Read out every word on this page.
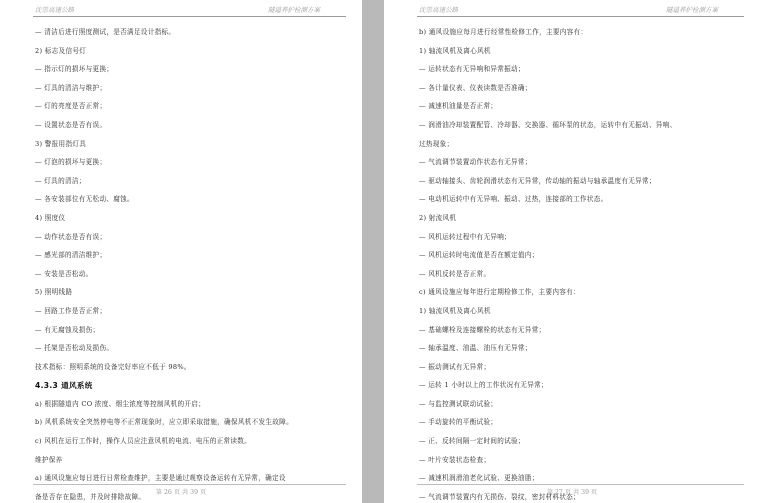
沈崇高速公路	隧道养护检测方案
— 清洁后进行照度测试，是否满足设计指标。
2) 标志及信号灯
— 指示灯的损坏与更换；
— 灯具的清洁与维护；
— 灯的亮度是否正常；
— 设置状态是否有误。
3) 警报用指灯具
— 灯泡的损坏与更换；
— 灯具的清洁；
— 各安装部位有无松动、腐蚀。
4) 照度仪
— 动作状态是否有误；
— 感光部的清洁维护；
— 安装是否松动。
5) 照明线路
— 回路工作是否正常；
— 有无腐蚀及损伤；
— 托架是否松动及损伤。
技术指标：照明系统的设备完好率应不低于 98%。
4.3.3 通风系统
a) 根据隧道内 CO 浓度、烟尘浓度等控制风机的开启；
b) 风机系统安全突然停电等不正常现象时，应立即采取措施，确保风机不发生故障。
c) 风机在运行工作时，操作人员应注意风机的电流、电压的正常读数。
维护保养
a) 通风设施应每日进行日常检查维护，主要是通过观察设备运转有无异常，确定设
备是否存在隐患，并及时排除故障。
第 26 页 共 39 页
沈崇高速公路	隧道养护检测方案
b) 通风设施应每月进行经常性检修工作，主要内容有：
1) 轴流风机及离心风机
— 运转状态有无异响和异常振动；
— 各计量仪表、仪表读数是否准确；
— 减速机油量是否正常；
— 润滑油冷却装置配管、冷却器、交换器、循环泵的状态，运转中有无振动、异响、
过热现象；
— 气流调节装置动作状态有无异常；
— 驱动轴接头、齿轮润滑状态有无异常，传动轴的振动与轴承温度有无异常；
— 电动机运转中有无异响、振动、过热，连接部的工作状态。
2) 射流风机
— 风机运转过程中有无异响；
— 风机运转时电流值是否在额定值内；
— 风机反转是否正常。
c) 通风设施应每年进行定期检修工作，主要内容有：
1) 轴流风机及离心风机
— 基础螺栓及连接螺栓的状态有无异常；
— 轴承温度、油温、油压有无异常；
— 振动测试有无异常；
— 运转 1 小时以上的工作状况有无异常；
— 与监控测试联动试验；
— 手动旋转的平衡试验；
— 正、反转间隔一定时间的试验；
— 叶片安装状态检查；
— 减速机润滑油老化试验、更换油脂；
— 气流调节装置内有无损伤、裂纹，密封材料状态；
第 27 页 共 39 页
